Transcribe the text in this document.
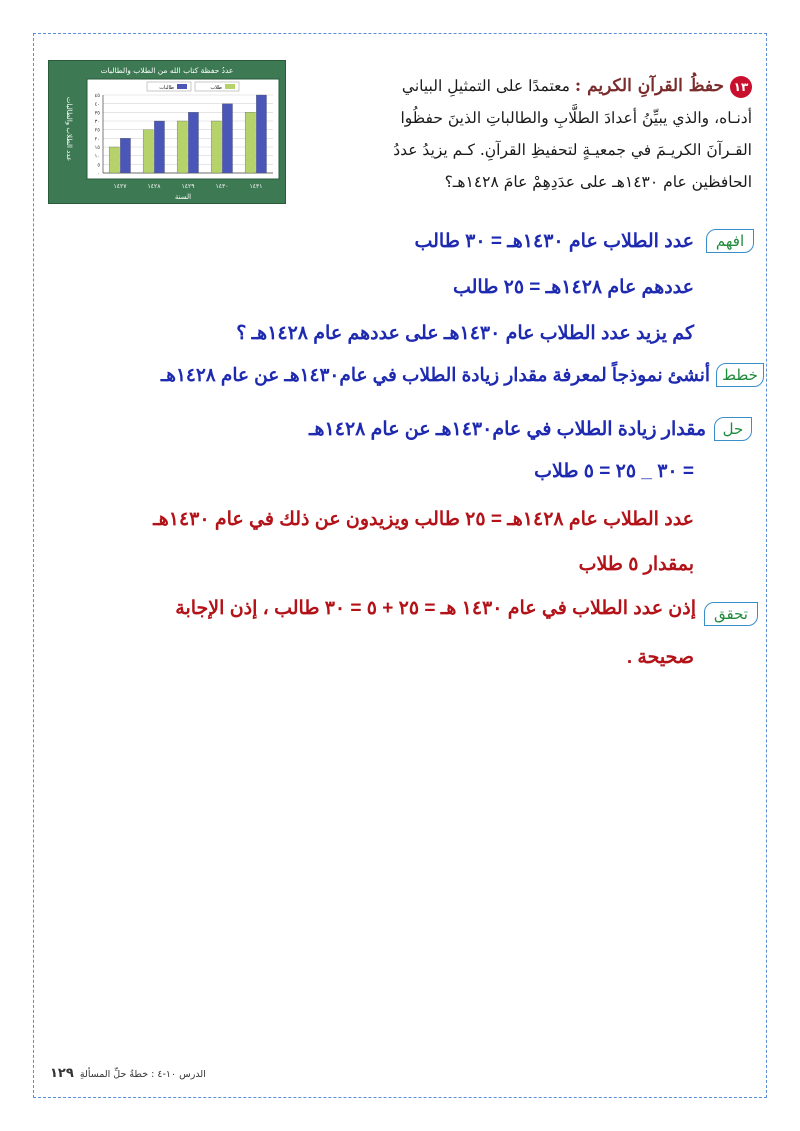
١٣حفظُ القرآنِ الكريم : معتمدًا على التمثيلِ البياني
أدنـاه، والذي يبيِّنُ أعدادَ الطلَّابِ والطالباتِ الذينَ حفظُوا
القـرآنَ الكريـمَ في جمعيـةٍ لتحفيظِ القرآنِ. كـم يزيدُ عددُ
الحافظين عام ١٤٣٠هـ على عدَدِهِمْ عامَ ١٤٢٨هـ؟
عددُ حفظة كتاب الله من الطلاب والطالبات
عدد الطلاب والطالبات
السنة
٠
٥
١٠
١٥
٢٠
٢٥
٣٠
٣٥
٤٠
٤٥
١٤٢٧	١٤٢٨	١٤٢٩	١٤٣٠	١٤٣١
طالبات	طلاب
افهم
عدد الطلاب عام ١٤٣٠هـ = ٣٠ طالب
عددهم عام ١٤٢٨هـ = ٢٥ طالب
كم يزيد عدد الطلاب عام ١٤٣٠هـ على عددهم عام ١٤٢٨هـ ؟
خطط
أنشئ نموذجاً لمعرفة مقدار زيادة الطلاب في عام١٤٣٠هـ عن عام ١٤٢٨هـ
حل
مقدار زيادة الطلاب في عام١٤٣٠هـ عن عام ١٤٢٨هـ
= ٣٠ _ ٢٥ = ٥ طلاب
عدد الطلاب عام ١٤٢٨هـ = ٢٥ طالب ويزيدون عن ذلك في عام ١٤٣٠هـ
بمقدار ٥ طلاب
تحقق
إذن عدد الطلاب في عام ١٤٣٠ هـ = ٢٥ + ٥ = ٣٠ طالب ، إذن الإجابة
صحيحة .
الدرس ١٠-٤ : خطةُ حلِّ المسألةِ ١٢٩
